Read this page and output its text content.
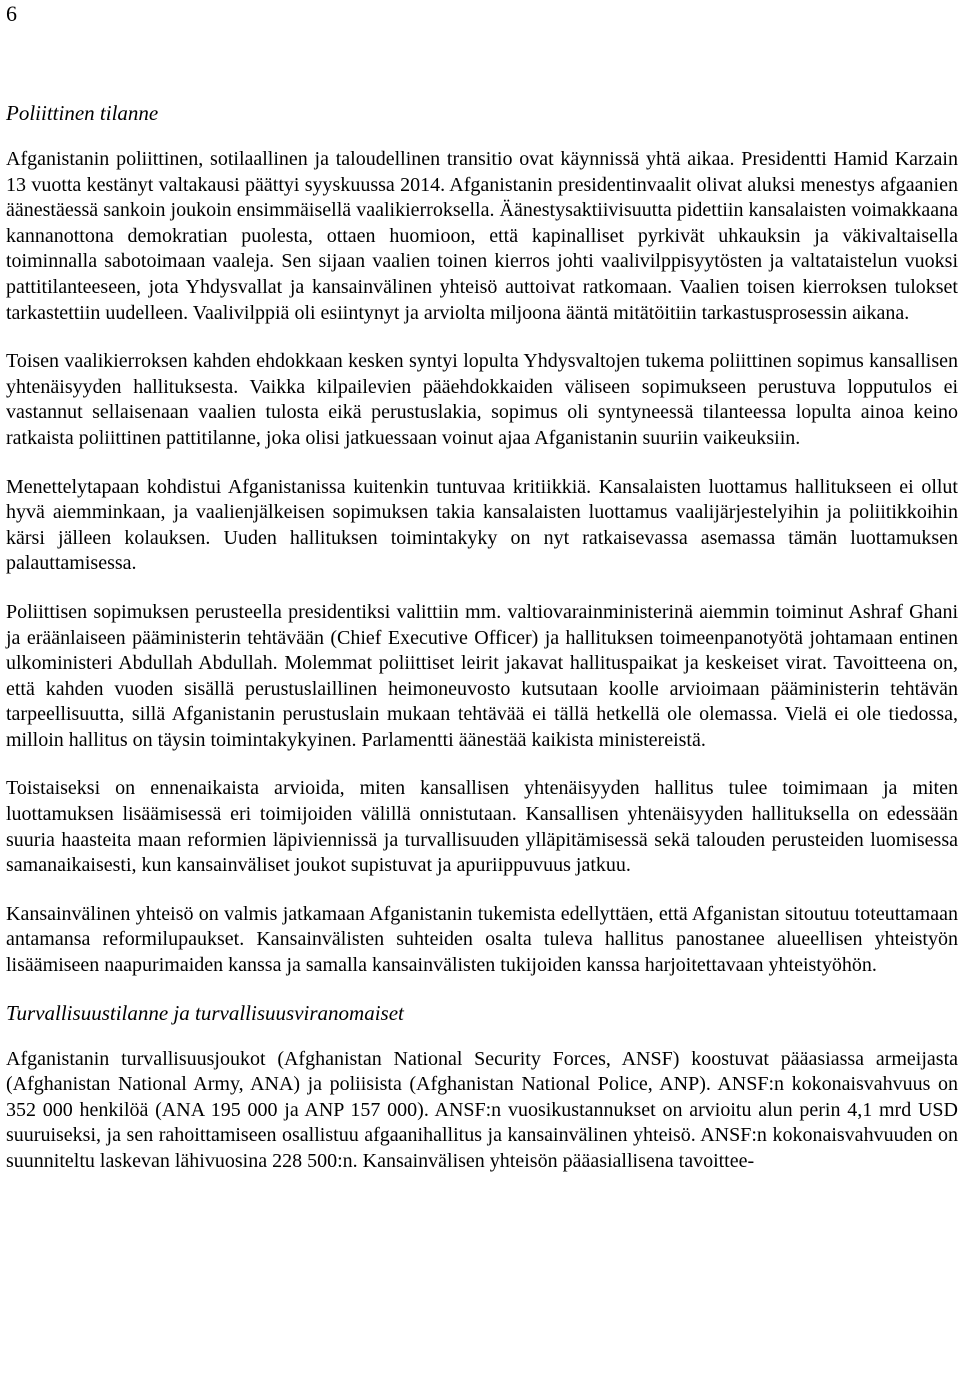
6
Poliittinen tilanne

Afganistanin poliittinen, sotilaallinen ja taloudellinen transitio ovat käynnissä yhtä aikaa. Presidentti Hamid Karzain 13 vuotta kestänyt valtakausi päättyi syyskuussa 2014. Afganistanin presidentinvaalit olivat aluksi menestys afgaanien äänestäessä sankoin joukoin ensimmäisellä vaalikierroksella. Äänestysaktiivisuutta pidettiin kansalaisten voimakkaana kannanottona demokratian puolesta, ottaen huomioon, että kapinalliset pyrkivät uhkauksin ja väkivaltaisella toiminnalla sabotoimaan vaaleja. Sen sijaan vaalien toinen kierros johti vaalivilppisyytösten ja valtataistelun vuoksi pattitilanteeseen, jota Yhdysvallat ja kansainvälinen yhteisö auttoivat ratkomaan. Vaalien toisen kierroksen tulokset tarkastettiin uudelleen. Vaalivilppiä oli esiintynyt ja arviolta miljoona ääntä mitätöitiin tarkastusprosessin aikana.

Toisen vaalikierroksen kahden ehdokkaan kesken syntyi lopulta Yhdysvaltojen tukema poliittinen sopimus kansallisen yhtenäisyyden hallituksesta. Vaikka kilpailevien pääehdokkaiden väliseen sopimukseen perustuva lopputulos ei vastannut sellaisenaan vaalien tulosta eikä perustuslakia, sopimus oli syntyneessä tilanteessa lopulta ainoa keino ratkaista poliittinen pattitilanne, joka olisi jatkuessaan voinut ajaa Afganistanin suuriin vaikeuksiin.

Menettelytapaan kohdistui Afganistanissa kuitenkin tuntuvaa kritiikkiä. Kansalaisten luottamus hallitukseen ei ollut hyvä aiemminkaan, ja vaalienjälkeisen sopimuksen takia kansalaisten luottamus vaalijärjestelyihin ja poliitikkoihin kärsi jälleen kolauksen. Uuden hallituksen toimintakyky on nyt ratkaisevassa asemassa tämän luottamuksen palauttamisessa.

Poliittisen sopimuksen perusteella presidentiksi valittiin mm. valtiovarainministerinä aiemmin toiminut Ashraf Ghani ja eräänlaiseen pääministerin tehtävään (Chief Executive Officer) ja hallituksen toimeenpanotyötä johtamaan entinen ulkoministeri Abdullah Abdullah. Molemmat poliittiset leirit jakavat hallituspaikat ja keskeiset virat. Tavoitteena on, että kahden vuoden sisällä perustuslaillinen heimoneuvosto kutsutaan koolle arvioimaan pääministerin tehtävän tarpeellisuutta, sillä Afganistanin perustuslain mukaan tehtävää ei tällä hetkellä ole olemassa. Vielä ei ole tiedossa, milloin hallitus on täysin toimintakykyinen. Parlamentti äänestää kaikista ministereistä.

Toistaiseksi on ennenaikaista arvioida, miten kansallisen yhtenäisyyden hallitus tulee toimimaan ja miten luottamuksen lisäämisessä eri toimijoiden välillä onnistutaan. Kansallisen yhtenäisyyden hallituksella on edessään suuria haasteita maan reformien läpiviennissä ja turvallisuuden ylläpitämisessä sekä talouden perusteiden luomisessa samanaikaisesti, kun kansainväliset joukot supistuvat ja apuriippuvuus jatkuu.

Kansainvälinen yhteisö on valmis jatkamaan Afganistanin tukemista edellyttäen, että Afganistan sitoutuu toteuttamaan antamansa reformilupaukset. Kansainvälisten suhteiden osalta tuleva hallitus panostanee alueellisen yhteistyön lisäämiseen naapurimaiden kanssa ja samalla kansainvälisten tukijoiden kanssa harjoitettavaan yhteistyöhön.

Turvallisuustilanne ja turvallisuusviranomaiset

Afganistanin turvallisuusjoukot (Afghanistan National Security Forces, ANSF) koostuvat pääasiassa armeijasta (Afghanistan National Army, ANA) ja poliisista (Afghanistan National Police, ANP). ANSF:n kokonaisvahvuus on 352 000 henkilöä (ANA 195 000 ja ANP 157 000). ANSF:n vuosikustannukset on arvioitu alun perin 4,1 mrd USD suuruiseksi, ja sen rahoittamiseen osallistuu afgaanihallitus ja kansainvälinen yhteisö. ANSF:n kokonaisvahvuuden on suunniteltu laskevan lähivuosina 228 500:n. Kansainvälisen yhteisön pääasiallisena tavoittee-
